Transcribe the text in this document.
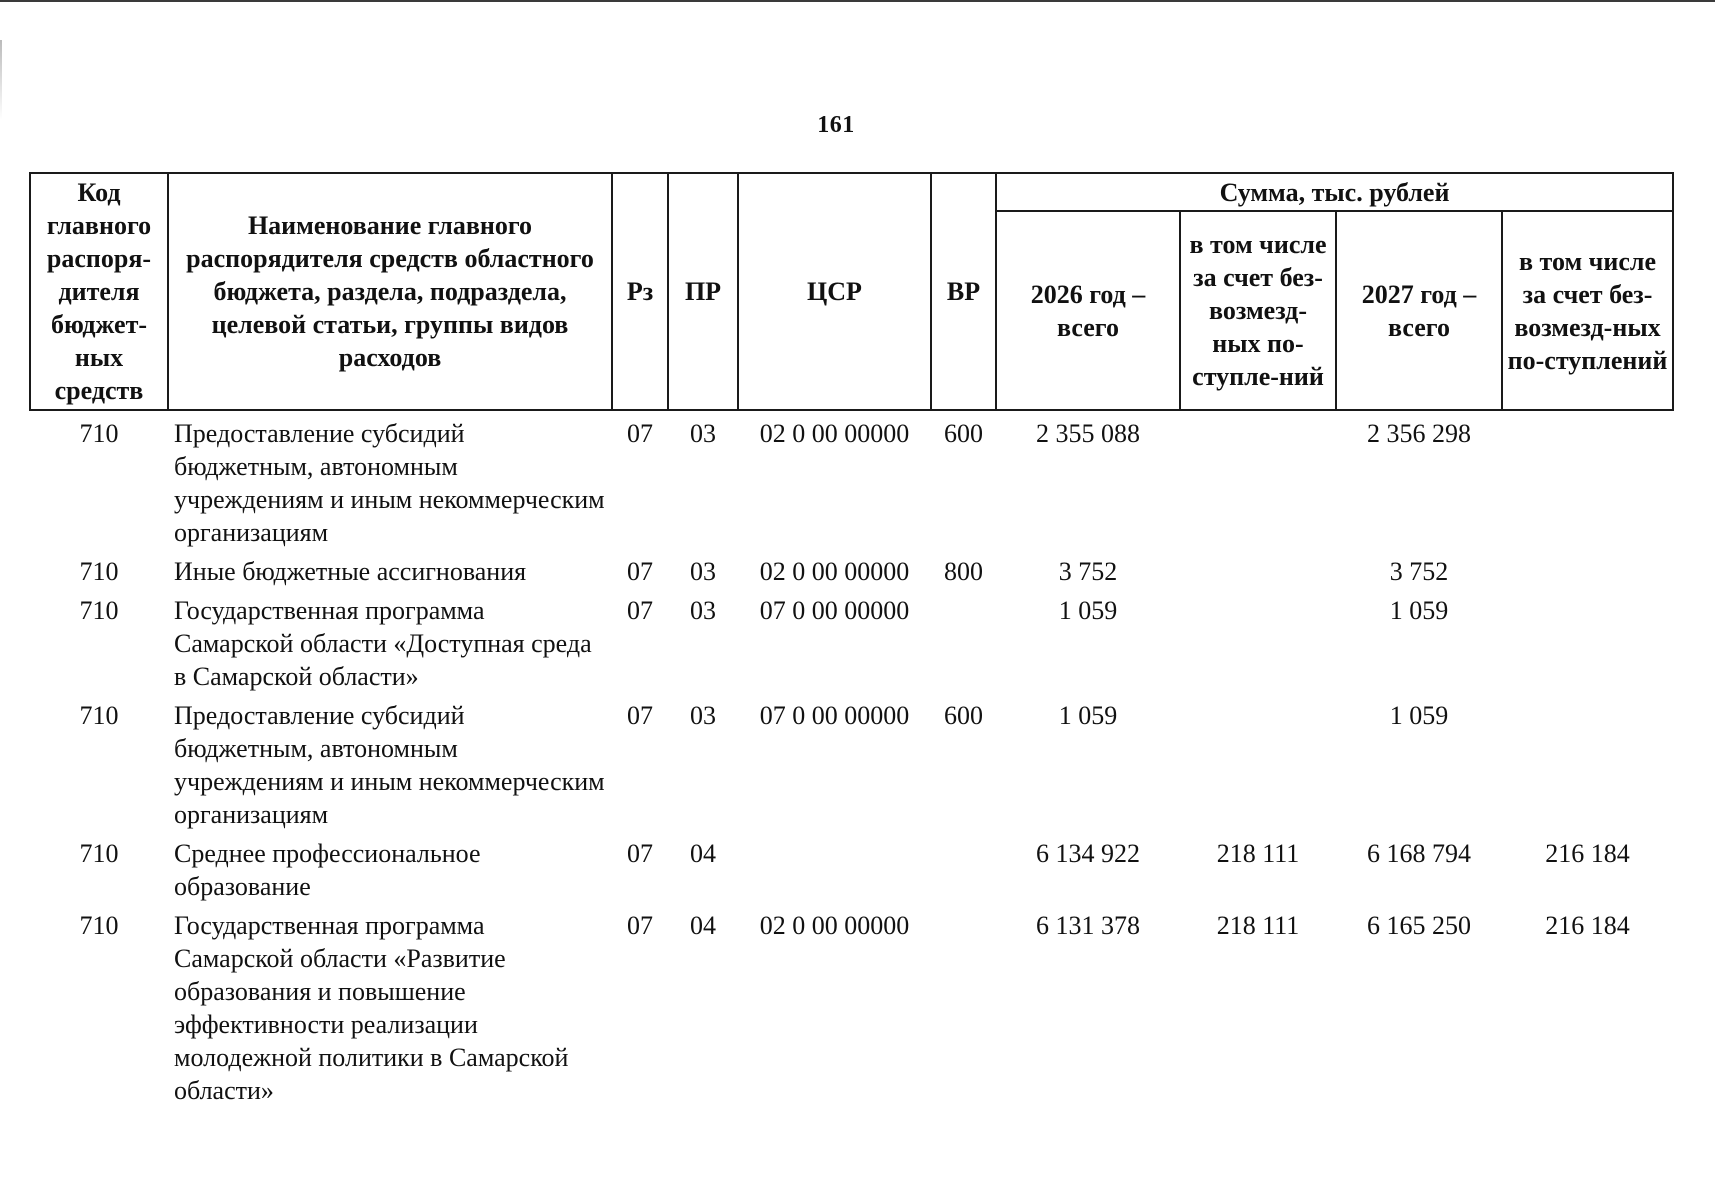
161
Код главного распоря-дителя бюджет-ных средств	Наименование главного распорядителя средств областного бюджета, раздела, подраздела, целевой статьи, группы видов расходов	Рз	ПР	ЦСР	ВР	Сумма, тыс. рублей			
						2026 год – всего	в том числе за счет без-возмезд-ных по-ступле-ний	2027 год – всего	в том числе за счет без-возмезд-ных по-ступлений
710	Предоставление субсидий бюджетным, автономным учреждениям и иным некоммерческим организациям	07	03	02 0 00 00000	600	2 355 088		2 356 298	
710	Иные бюджетные ассигнования	07	03	02 0 00 00000	800	3 752		3 752	
710	Государственная программа Самарской области «Доступная среда в Самарской области»	07	03	07 0 00 00000		1 059		1 059	
710	Предоставление субсидий бюджетным, автономным учреждениям и иным некоммерческим организациям	07	03	07 0 00 00000	600	1 059		1 059	
710	Среднее профессиональное образование	07	04			6 134 922	218 111	6 168 794	216 184
710	Государственная программа Самарской области «Развитие образования и повышение эффективности реализации молодежной политики в Самарской области»	07	04	02 0 00 00000		6 131 378	218 111	6 165 250	216 184
